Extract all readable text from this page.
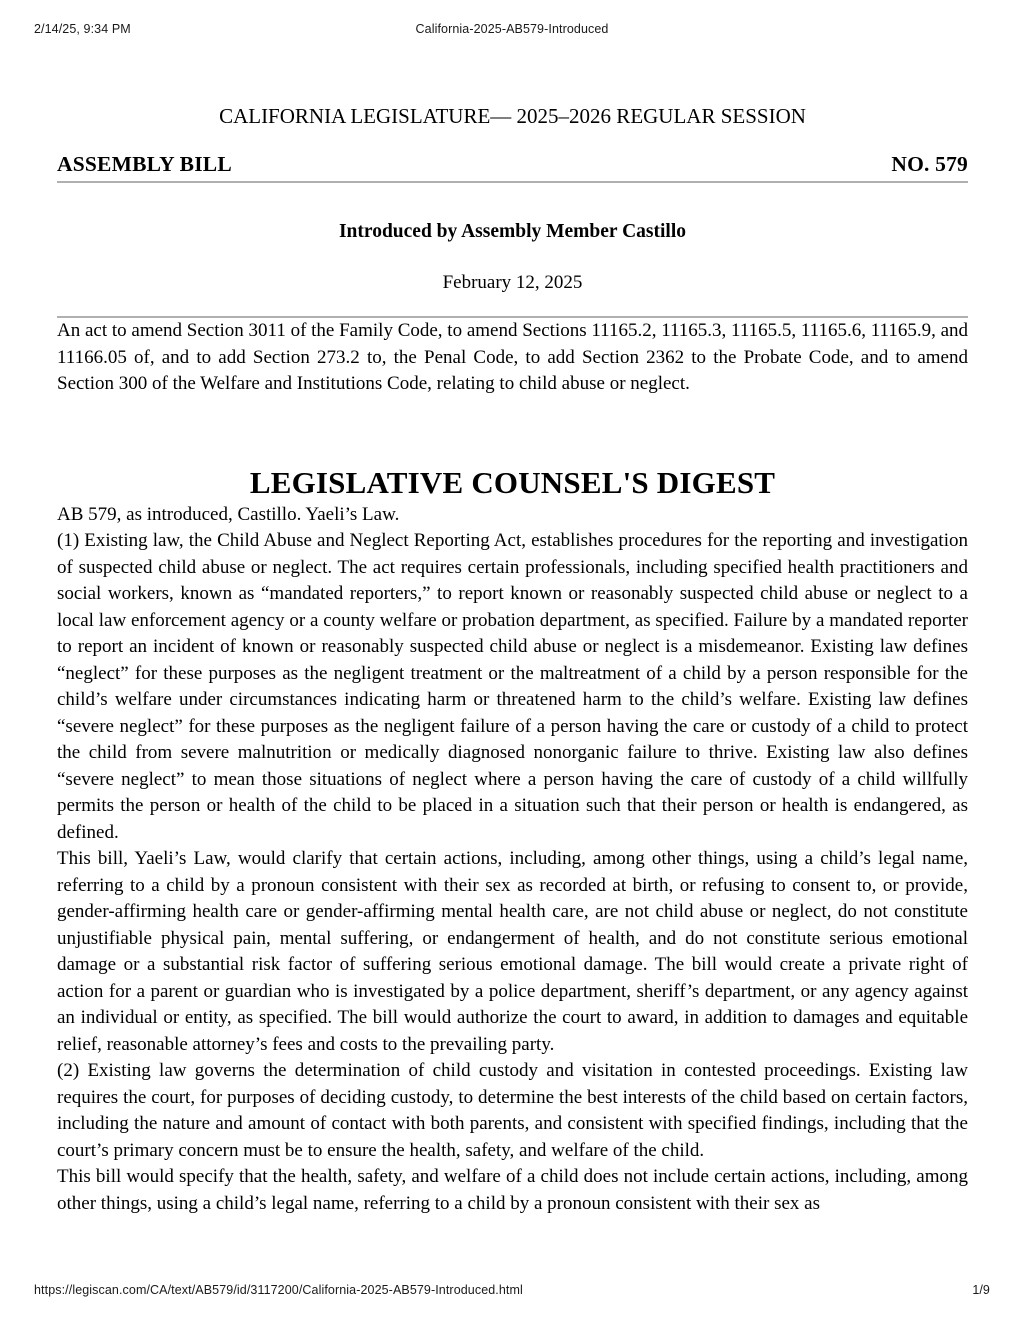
2/14/25, 9:34 PM	California-2025-AB579-Introduced
CALIFORNIA LEGISLATURE— 2025–2026 REGULAR SESSION
ASSEMBLY BILL	NO. 579
Introduced by Assembly Member Castillo
February 12, 2025

An act to amend Section 3011 of the Family Code, to amend Sections 11165.2, 11165.3, 11165.5, 11165.6, 11165.9, and 11166.05 of, and to add Section 273.2 to, the Penal Code, to add Section 2362 to the Probate Code, and to amend Section 300 of the Welfare and Institutions Code, relating to child abuse or neglect.

LEGISLATIVE COUNSEL'S DIGEST

AB 579, as introduced, Castillo. Yaeli’s Law.

(1) Existing law, the Child Abuse and Neglect Reporting Act, establishes procedures for the reporting and investigation of suspected child abuse or neglect. The act requires certain professionals, including specified health practitioners and social workers, known as “mandated reporters,” to report known or reasonably suspected child abuse or neglect to a local law enforcement agency or a county welfare or probation department, as specified. Failure by a mandated reporter to report an incident of known or reasonably suspected child abuse or neglect is a misdemeanor. Existing law defines “neglect” for these purposes as the negligent treatment or the maltreatment of a child by a person responsible for the child’s welfare under circumstances indicating harm or threatened harm to the child’s welfare. Existing law defines “severe neglect” for these purposes as the negligent failure of a person having the care or custody of a child to protect the child from severe malnutrition or medically diagnosed nonorganic failure to thrive. Existing law also defines “severe neglect” to mean those situations of neglect where a person having the care of custody of a child willfully permits the person or health of the child to be placed in a situation such that their person or health is endangered, as defined.

This bill, Yaeli’s Law, would clarify that certain actions, including, among other things, using a child’s legal name, referring to a child by a pronoun consistent with their sex as recorded at birth, or refusing to consent to, or provide, gender-affirming health care or gender-affirming mental health care, are not child abuse or neglect, do not constitute unjustifiable physical pain, mental suffering, or endangerment of health, and do not constitute serious emotional damage or a substantial risk factor of suffering serious emotional damage. The bill would create a private right of action for a parent or guardian who is investigated by a police department, sheriff’s department, or any agency against an individual or entity, as specified. The bill would authorize the court to award, in addition to damages and equitable relief, reasonable attorney’s fees and costs to the prevailing party.

(2) Existing law governs the determination of child custody and visitation in contested proceedings. Existing law requires the court, for purposes of deciding custody, to determine the best interests of the child based on certain factors, including the nature and amount of contact with both parents, and consistent with specified findings, including that the court’s primary concern must be to ensure the health, safety, and welfare of the child.

This bill would specify that the health, safety, and welfare of a child does not include certain actions, including, among other things, using a child’s legal name, referring to a child by a pronoun consistent with their sex as

https://legiscan.com/CA/text/AB579/id/3117200/California-2025-AB579-Introduced.html	1/9
